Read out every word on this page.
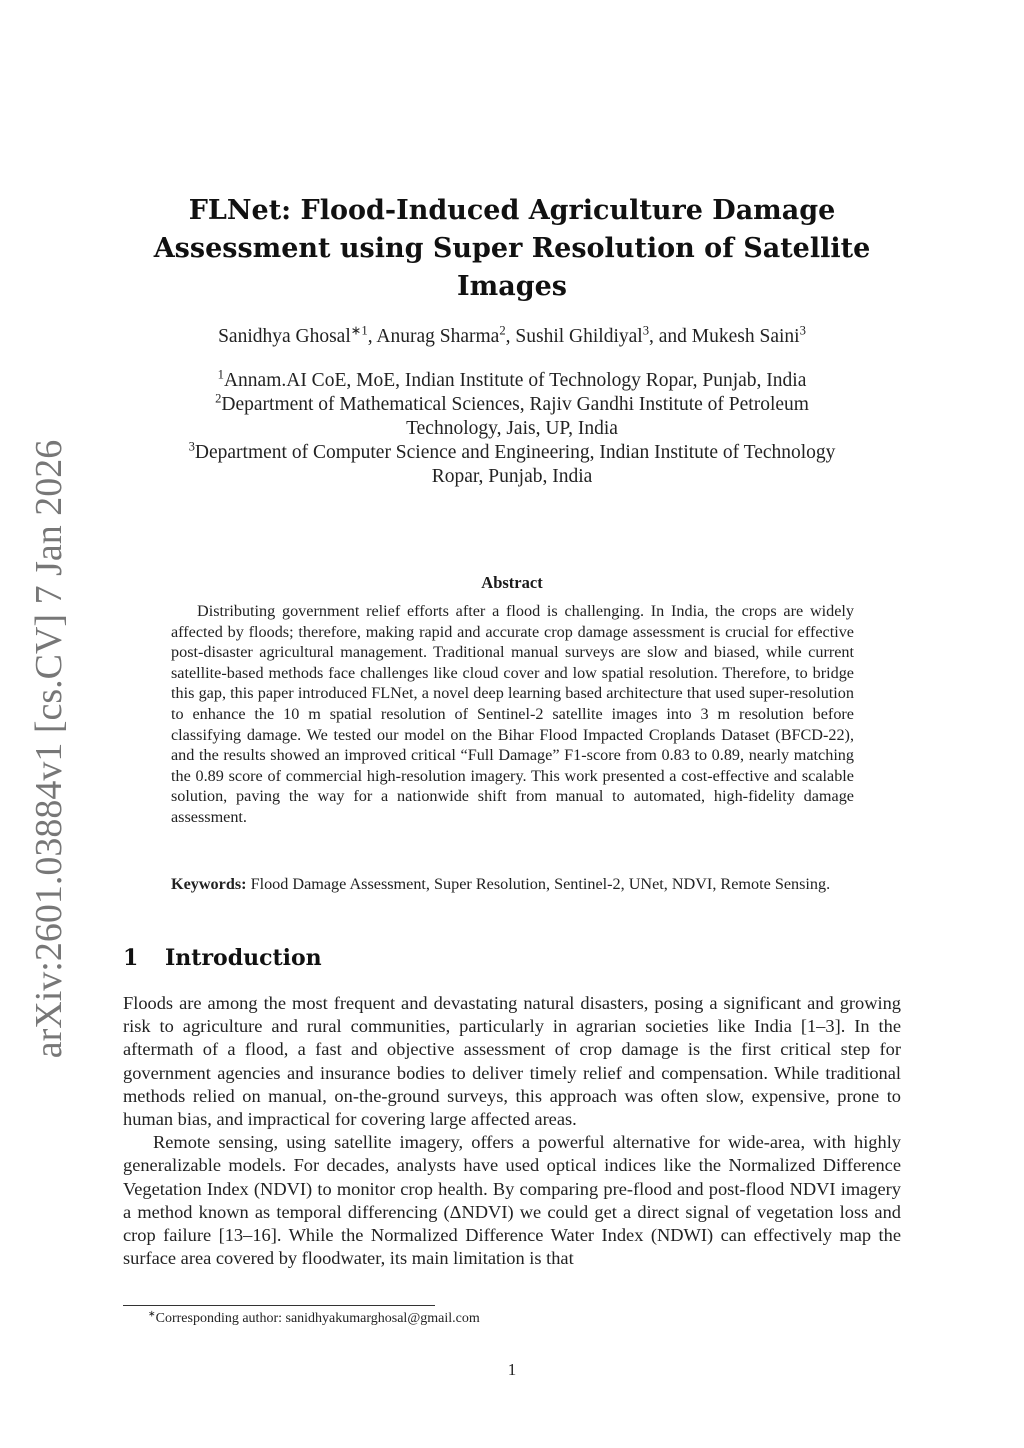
arXiv:2601.03884v1 [cs.CV] 7 Jan 2026
FLNet: Flood-Induced Agriculture Damage
Assessment using Super Resolution of Satellite
Images
Sanidhya Ghosal$^{∗1}$, Anurag Sharma$^2$, Sushil Ghildiyal$^3$, and Mukesh Saini$^3$
$^1$Annam.AI CoE, MoE, Indian Institute of Technology Ropar, Punjab, India
$^2$Department of Mathematical Sciences, Rajiv Gandhi Institute of Petroleum
Technology, Jais, UP, India
$^3$Department of Computer Science and Engineering, Indian Institute of Technology
Ropar, Punjab, India
Abstract
Distributing government relief efforts after a flood is challenging. In India, the crops are widely affected by floods; therefore, making rapid and accurate crop damage assessment is crucial for effective post-disaster agricultural management. Traditional manual surveys are slow and biased, while current satellite-based methods face challenges like cloud cover and low spatial resolution. Therefore, to bridge this gap, this paper introduced FLNet, a novel deep learning based architecture that used super-resolution to enhance the 10 m spatial resolution of Sentinel-2 satellite images into 3 m resolution before classifying damage. We tested our model on the Bihar Flood Impacted Croplands Dataset (BFCD-22), and the results showed an improved critical “Full Damage” F1-score from 0.83 to 0.89, nearly matching the 0.89 score of commercial high-resolution imagery. This work presented a cost-effective and scalable solution, paving the way for a nationwide shift from manual to automated, high-fidelity damage assessment.
Keywords: Flood Damage Assessment, Super Resolution, Sentinel-2, UNet, NDVI, Remote Sensing.
1 Introduction

Floods are among the most frequent and devastating natural disasters, posing a significant and growing risk to agriculture and rural communities, particularly in agrarian societies like India [1–3]. In the aftermath of a flood, a fast and objective assessment of crop damage is the first critical step for government agencies and insurance bodies to deliver timely relief and compensation. While traditional methods relied on manual, on-the-ground surveys, this approach was often slow, expensive, prone to human bias, and impractical for covering large affected areas.

Remote sensing, using satellite imagery, offers a powerful alternative for wide-area, with highly generalizable models. For decades, analysts have used optical indices like the Normalized Difference Vegetation Index (NDVI) to monitor crop health. By comparing pre-flood and post-flood NDVI imagery a method known as temporal differencing (ΔNDVI) we could get a direct signal of vegetation loss and crop failure [13–16]. While the Normalized Difference Water Index (NDWI) can effectively map the surface area covered by floodwater, its main limitation is that

∗Corresponding author: sanidhyakumarghosal@gmail.com
1
